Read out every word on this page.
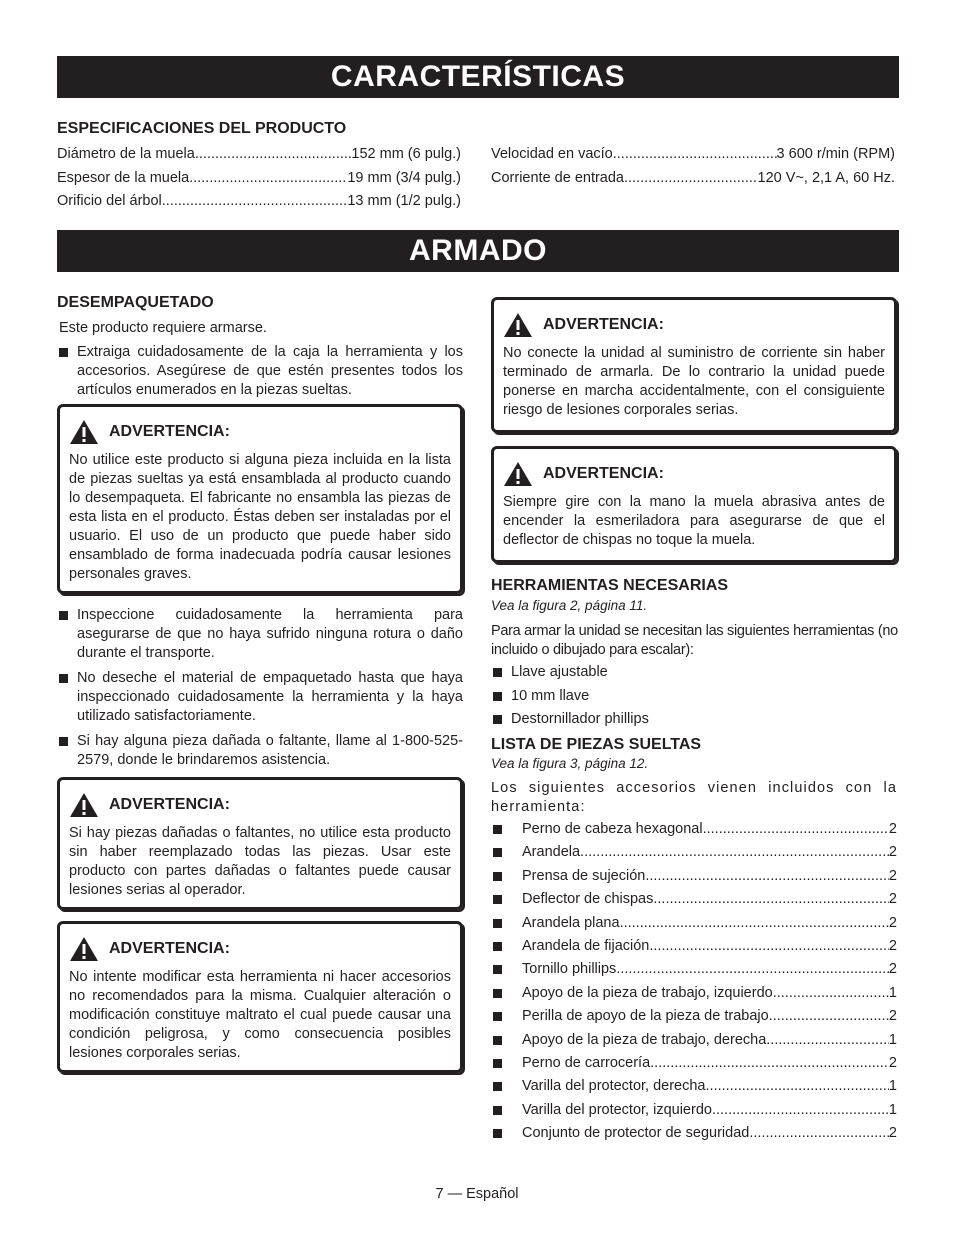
CARACTERÍSTICAS
ESPECIFICACIONES DEL PRODUCTO
Diámetro de la muela .....	152 mm (6 pulg.)
Espesor de la muela .....	19 mm (3/4 pulg.)
Orificio del árbol .....	13 mm (1/2 pulg.)
Velocidad en vacío .....	3 600 r/min (RPM)
Corriente de entrada .....	120 V~, 2,1 A, 60 Hz.
ARMADO
DESEMPAQUETADO
Este producto requiere armarse.
Extraiga cuidadosamente de la caja la herramienta y los accesorios. Asegúrese de que estén presentes todos los artículos enumerados en la piezas sueltas.
ADVERTENCIA:
No utilice este producto si alguna pieza incluida en la lista de piezas sueltas ya está ensamblada al producto cuando lo desempaqueta. El fabricante no ensambla las piezas de esta lista en el producto. Éstas deben ser instaladas por el usuario. El uso de un producto que puede haber sido ensamblado de forma inadecuada podría causar lesiones personales graves.
Inspeccione cuidadosamente la herramienta para asegurarse de que no haya sufrido ninguna rotura o daño durante el transporte.
No deseche el material de empaquetado hasta que haya inspeccionado cuidadosamente la herramienta y la haya utilizado satisfactoriamente.
Si hay alguna pieza dañada o faltante, llame al 1-800-525-2579, donde le brindaremos asistencia.
ADVERTENCIA:
Si hay piezas dañadas o faltantes, no utilice esta producto sin haber reemplazado todas las piezas. Usar este producto con partes dañadas o faltantes puede causar lesiones serias al operador.
ADVERTENCIA:
No intente modificar esta herramienta ni hacer accesorios no recomendados para la misma. Cualquier alteración o modificación constituye maltrato el cual puede causar una condición peligrosa, y como consecuencia posibles lesiones corporales serias.
ADVERTENCIA:
No conecte la unidad al suministro de corriente sin haber terminado de armarla. De lo contrario la unidad puede ponerse en marcha accidentalmente, con el consiguiente riesgo de lesiones corporales serias.
ADVERTENCIA:
Siempre gire con la mano la muela abrasiva antes de encender la esmeriladora para asegurarse de que el deflector de chispas no toque la muela.
HERRAMIENTAS NECESARIAS
Vea la figura 2, página 11.
Para armar la unidad se necesitan las siguientes herramientas (no incluido o dibujado para escalar):
Llave ajustable
10 mm llave
Destornillador phillips
LISTA DE PIEZAS SUELTAS
Vea la figura 3, página 12.
Los siguientes accesorios vienen incluidos con la herramienta:
Perno de cabeza hexagonal .....	2
Arandela .....	2
Prensa de sujeción .....	2
Deflector de chispas .....	2
Arandela plana .....	2
Arandela de fijación .....	2
Tornillo phillips .....	2
Apoyo de la pieza de trabajo, izquierdo .....	1
Perilla de apoyo de la pieza de trabajo .....	2
Apoyo de la pieza de trabajo, derecha .....	1
Perno de carrocería .....	2
Varilla del protector, derecha .....	1
Varilla del protector, izquierdo .....	1
Conjunto de protector de seguridad .....	2
7 — Español
